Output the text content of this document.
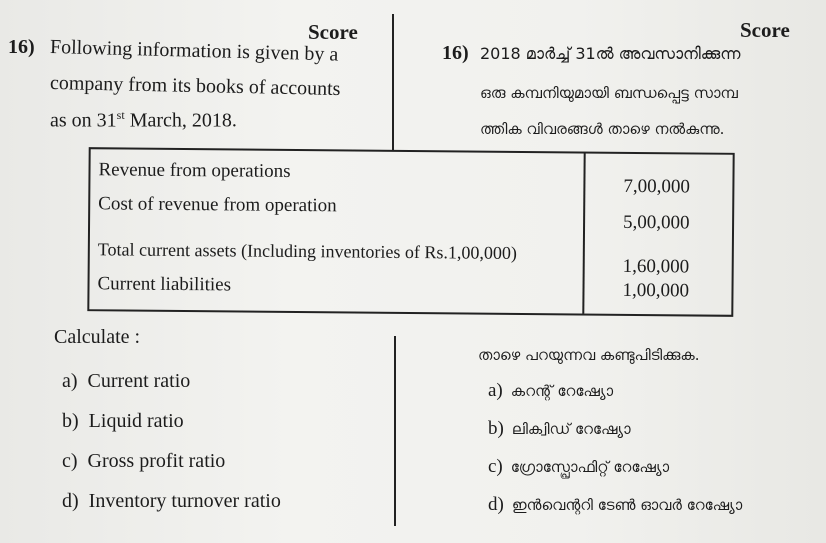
Score
16) Following information is given by a
company from its books of accounts
as on 31st March, 2018.
Score
16) 2018 മാർച്ച് 31ൽ അവസാനിക്കുന്ന
ഒരു കമ്പനിയുമായി ബന്ധപ്പെട്ട സാമ്പ
ത്തിക വിവരങ്ങൾ താഴെ നൽകുന്നു.
Revenue from operations
7,00,000
Cost of revenue from operation
5,00,000
Total current assets (Including inventories of Rs.1,00,000)
1,60,000
Current liabilities	1,00,000
Calculate :
a) Current ratio
b) Liquid ratio
c) Gross profit ratio
d) Inventory turnover ratio
താഴെ പറയുന്നവ കണ്ടുപിടിക്കുക.
a) കറന്റ് റേഷ്യോ
b) ലിക്വിഡ് റേഷ്യോ
c) ഗ്രോസ്പ്രോഫിറ്റ് റേഷ്യോ
d) ഇൻവെന്ററി ടേൺ ഓവർ റേഷ്യോ
